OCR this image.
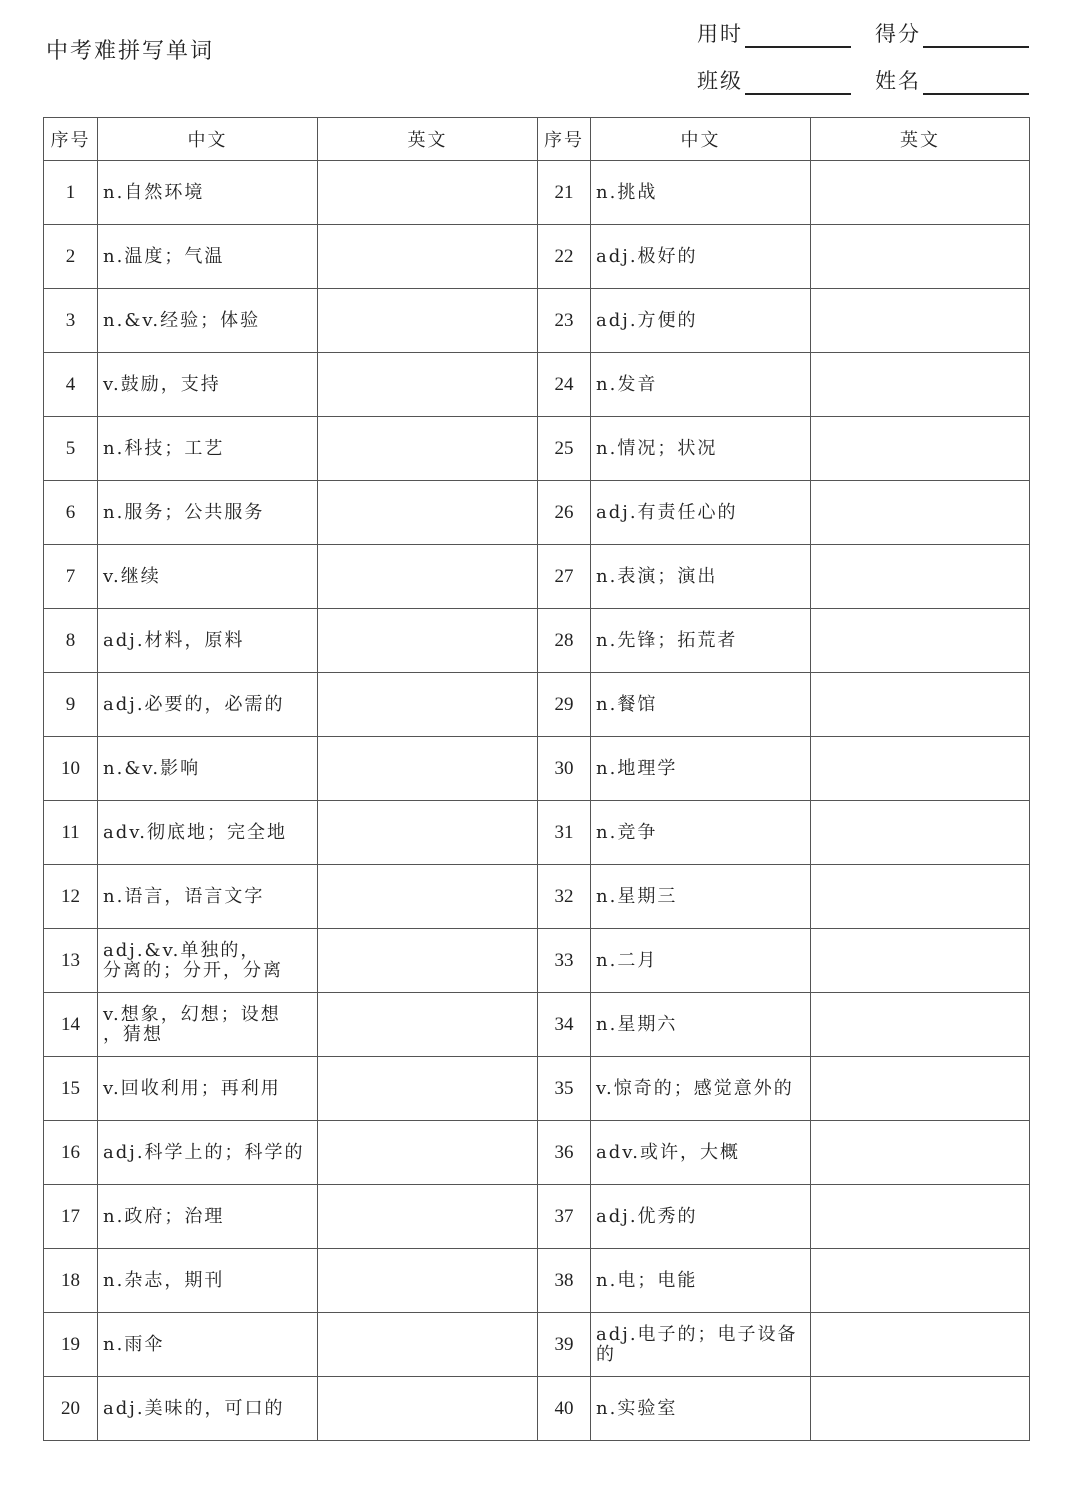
中考难拼写单词
用时	得分
班级	姓名
序号	中文	英文	序号	中文	英文
1	n.自然环境		21	n.挑战	
2	n.温度；气温		22	adj.极好的	
3	n.&v.经验；体验		23	adj.方便的	
4	v.鼓励，支持		24	n.发音	
5	n.科技；工艺		25	n.情况；状况	
6	n.服务；公共服务		26	adj.有责任心的	
7	v.继续		27	n.表演；演出	
8	adj.材料，原料		28	n.先锋；拓荒者	
9	adj.必要的，必需的		29	n.餐馆	
10	n.&v.影响		30	n.地理学	
11	adv.彻底地；完全地		31	n.竞争	
12	n.语言，语言文字		32	n.星期三	
13	adj.&v.单独的，
分离的；分开，分离		33	n.二月	
14	v.想象，幻想；设想
，猜想		34	n.星期六	
15	v.回收利用；再利用		35	v.惊奇的；感觉意外的	
16	adj.科学上的；科学的		36	adv.或许，大概	
17	n.政府；治理		37	adj.优秀的	
18	n.杂志，期刊		38	n.电；电能	
19	n.雨伞		39	adj.电子的；电子设备
的	

20	adj.美味的，可口的		40	n.实验室	
